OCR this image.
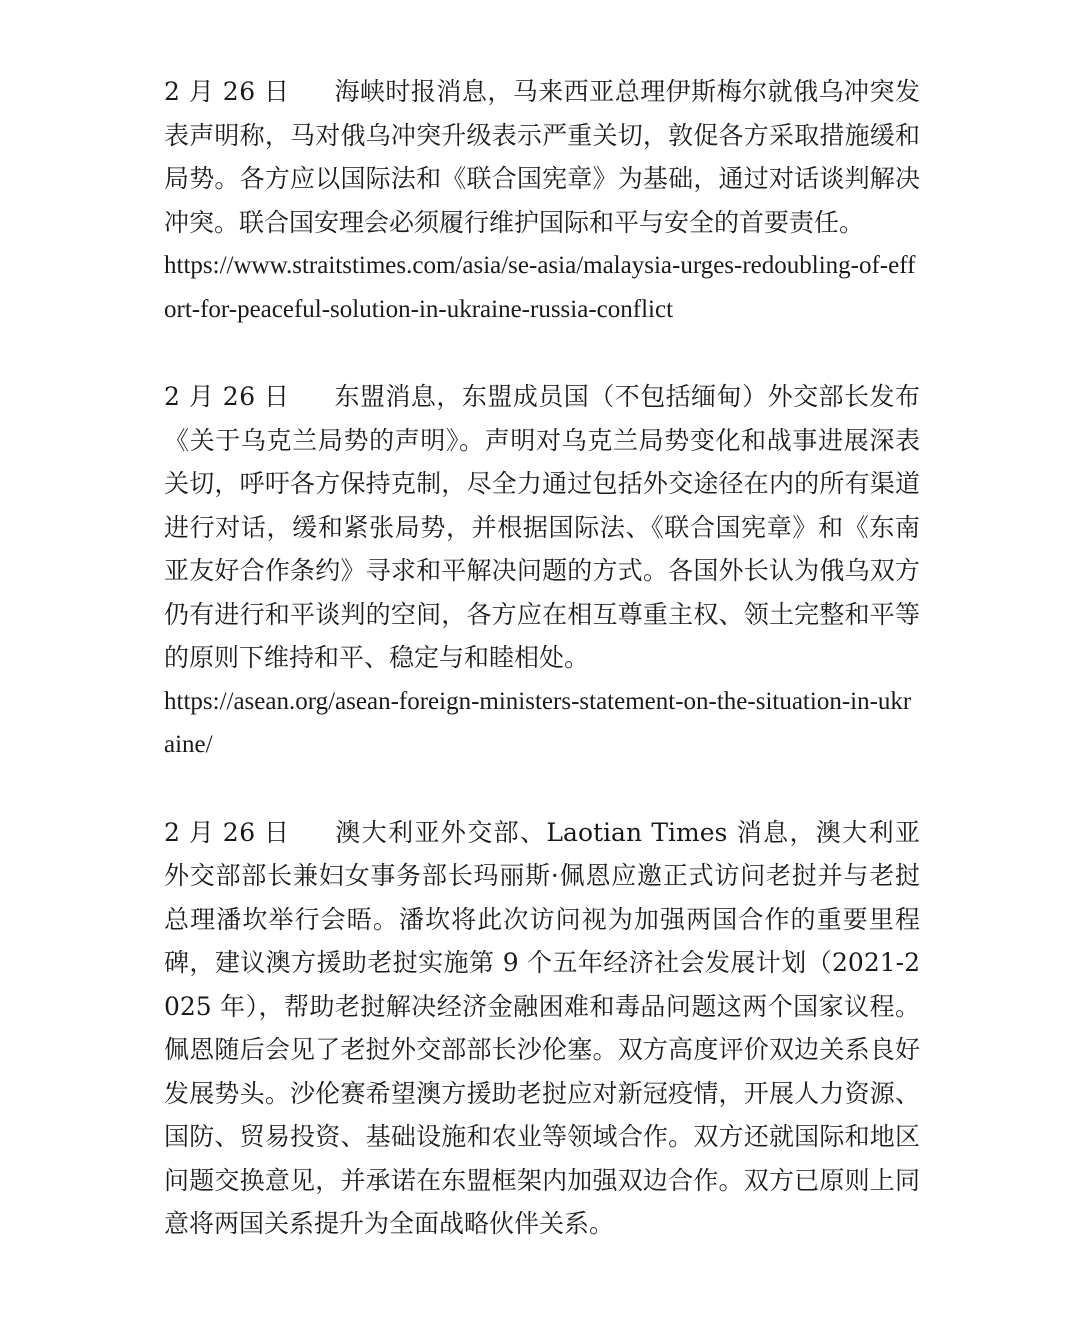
2 月 26 日 海峡时报消息，马来西亚总理伊斯梅尔就俄乌冲突发表声明称，马对俄乌冲突升级表示严重关切，敦促各方采取措施缓和局势。各方应以国际法和《联合国宪章》为基础，通过对话谈判解决冲突。联合国安理会必须履行维护国际和平与安全的首要责任。

https://www.straitstimes.com/asia/se-asia/malaysia-urges-redoubling-of-effort-for-peaceful-solution-in-ukraine-russia-conflict

2 月 26 日 东盟消息，东盟成员国（不包括缅甸）外交部长发布《关于乌克兰局势的声明》。声明对乌克兰局势变化和战事进展深表关切，呼吁各方保持克制，尽全力通过包括外交途径在内的所有渠道进行对话，缓和紧张局势，并根据国际法、《联合国宪章》和《东南亚友好合作条约》寻求和平解决问题的方式。各国外长认为俄乌双方仍有进行和平谈判的空间，各方应在相互尊重主权、领土完整和平等的原则下维持和平、稳定与和睦相处。

https://asean.org/asean-foreign-ministers-statement-on-the-situation-in-ukraine/

2 月 26 日 澳大利亚外交部、Laotian Times 消息，澳大利亚外交部部长兼妇女事务部长玛丽斯·佩恩应邀正式访问老挝并与老挝总理潘坎举行会晤。潘坎将此次访问视为加强两国合作的重要里程碑，建议澳方援助老挝实施第 9 个五年经济社会发展计划（2021-2025 年），帮助老挝解决经济金融困难和毒品问题这两个国家议程。佩恩随后会见了老挝外交部部长沙伦塞。双方高度评价双边关系良好发展势头。沙伦赛希望澳方援助老挝应对新冠疫情，开展人力资源、国防、贸易投资、基础设施和农业等领域合作。双方还就国际和地区问题交换意见，并承诺在东盟框架内加强双边合作。双方已原则上同意将两国关系提升为全面战略伙伴关系。
